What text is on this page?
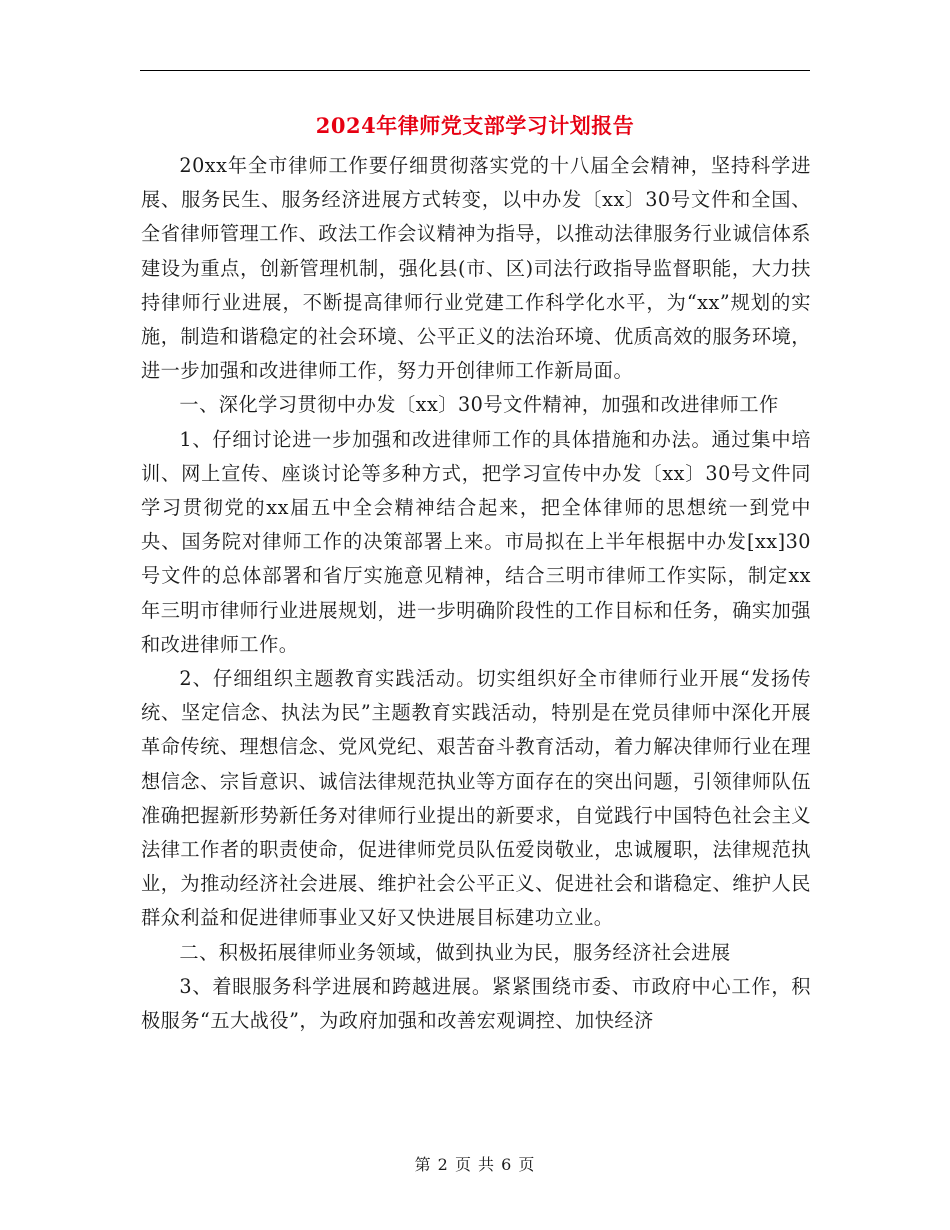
2024年律师党支部学习计划报告

20xx年全市律师工作要仔细贯彻落实党的十八届全会精神，坚持科学进展、服务民生、服务经济进展方式转变，以中办发〔xx〕30号文件和全国、全省律师管理工作、政法工作会议精神为指导，以推动法律服务行业诚信体系建设为重点，创新管理机制，强化县(市、区)司法行政指导监督职能，大力扶持律师行业进展，不断提高律师行业党建工作科学化水平，为“xx”规划的实施，制造和谐稳定的社会环境、公平正义的法治环境、优质高效的服务环境，进一步加强和改进律师工作，努力开创律师工作新局面。

一、深化学习贯彻中办发〔xx〕30号文件精神，加强和改进律师工作

1、仔细讨论进一步加强和改进律师工作的具体措施和办法。通过集中培训、网上宣传、座谈讨论等多种方式，把学习宣传中办发〔xx〕30号文件同学习贯彻党的xx届五中全会精神结合起来，把全体律师的思想统一到党中央、国务院对律师工作的决策部署上来。市局拟在上半年根据中办发[xx]30号文件的总体部署和省厅实施意见精神，结合三明市律师工作实际，制定xx年三明市律师行业进展规划，进一步明确阶段性的工作目标和任务，确实加强和改进律师工作。

2、仔细组织主题教育实践活动。切实组织好全市律师行业开展“发扬传统、坚定信念、执法为民”主题教育实践活动，特别是在党员律师中深化开展革命传统、理想信念、党风党纪、艰苦奋斗教育活动，着力解决律师行业在理想信念、宗旨意识、诚信法律规范执业等方面存在的突出问题，引领律师队伍准确把握新形势新任务对律师行业提出的新要求，自觉践行中国特色社会主义法律工作者的职责使命，促进律师党员队伍爱岗敬业，忠诚履职，法律规范执业，为推动经济社会进展、维护社会公平正义、促进社会和谐稳定、维护人民群众利益和促进律师事业又好又快进展目标建功立业。

二、积极拓展律师业务领域，做到执业为民，服务经济社会进展

3、着眼服务科学进展和跨越进展。紧紧围绕市委、市政府中心工作，积极服务“五大战役”，为政府加强和改善宏观调控、加快经济

第 2 页 共 6 页
